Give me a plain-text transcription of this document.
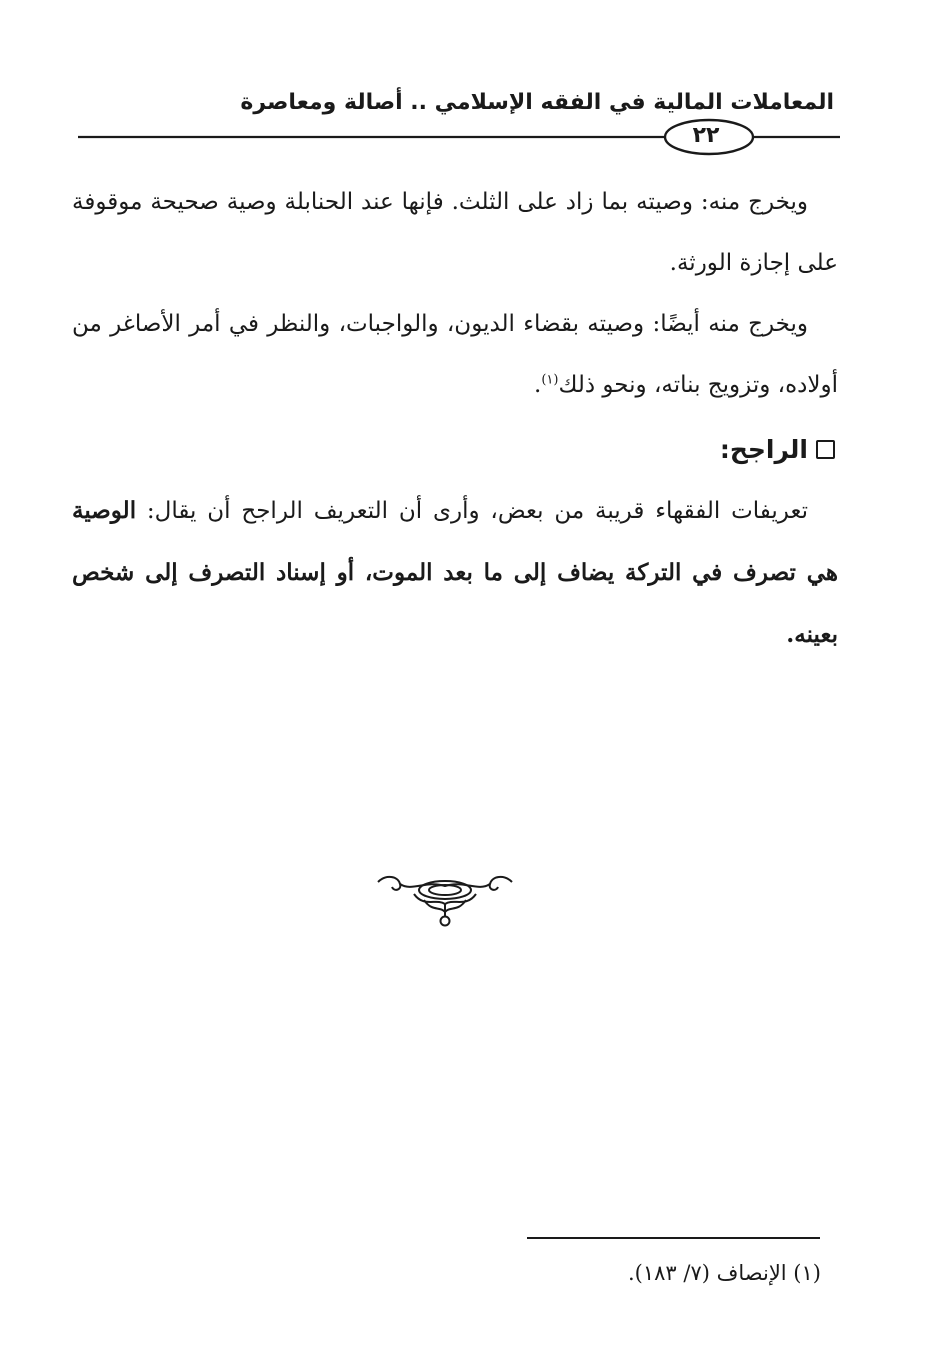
المعاملات المالية في الفقه الإسلامي .. أصالة ومعاصرة
٢٢
ويخرج منه: وصيته بما زاد على الثلث. فإنها عند الحنابلة وصية صحيحة موقوفة على إجازة الورثة.
ويخرج منه أيضًا: وصيته بقضاء الديون، والواجبات، والنظر في أمر الأصاغر من أولاده، وتزويج بناته، ونحو ذلك$^{(١)}$.
الراجح:
تعريفات الفقهاء قريبة من بعض، وأرى أن التعريف الراجح أن يقال: الوصية هي تصرف في التركة يضاف إلى ما بعد الموت، أو إسناد التصرف إلى شخص بعينه.
(١) الإنصاف (٧/ ١٨٣).
